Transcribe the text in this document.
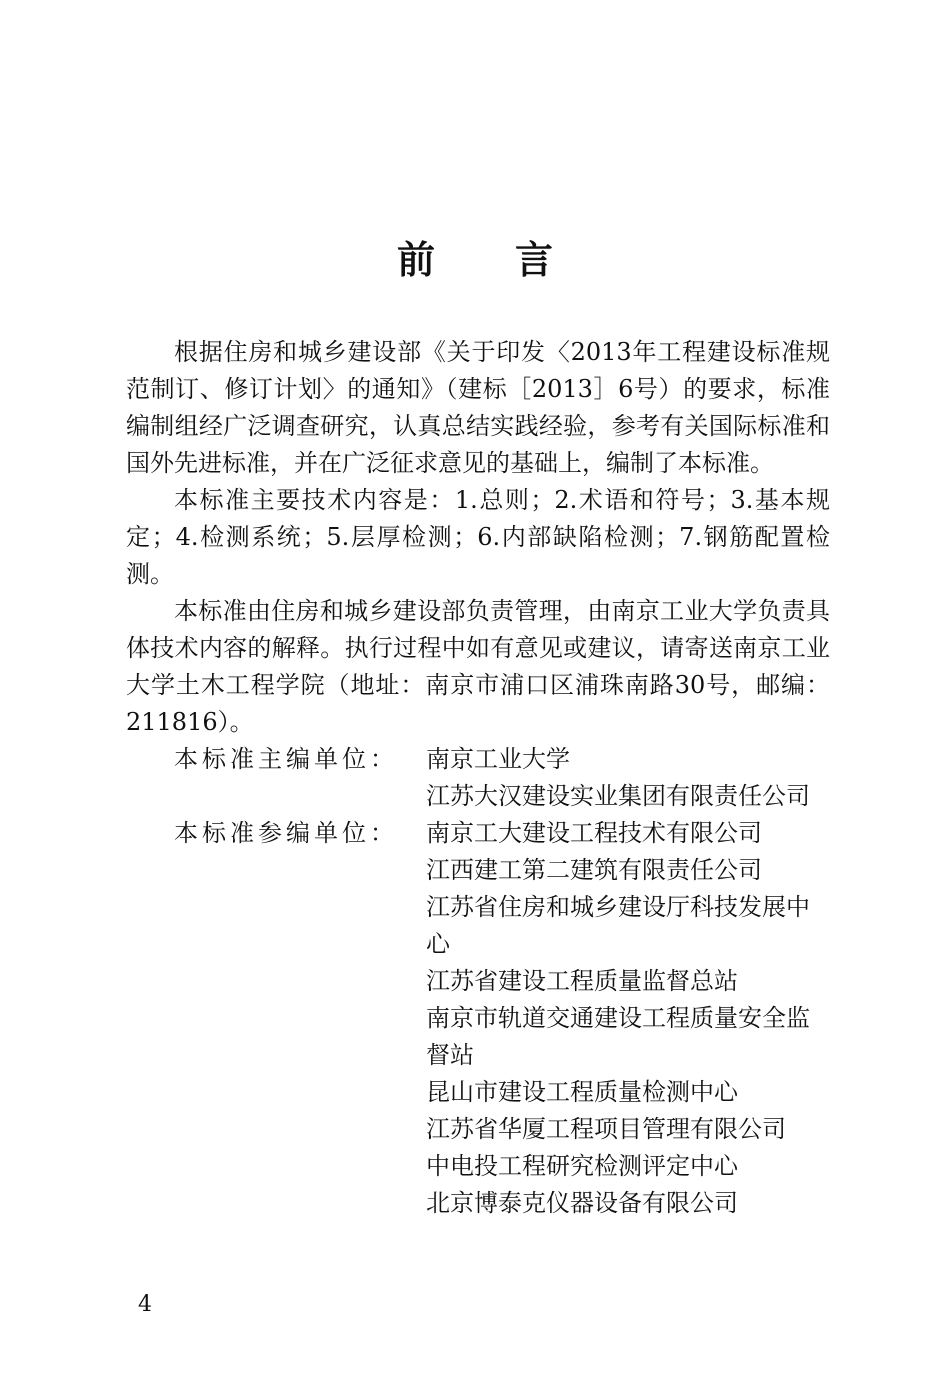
前 言

根据住房和城乡建设部《关于印发〈2013年工程建设标准规范制订、修订计划〉的通知》（建标［2013］6号）的要求，标准编制组经广泛调查研究，认真总结实践经验，参考有关国际标准和国外先进标准，并在广泛征求意见的基础上，编制了本标准。

本标准主要技术内容是：1.总则；2.术语和符号；3.基本规定；4.检测系统；5.层厚检测；6.内部缺陷检测；7.钢筋配置检测。

本标准由住房和城乡建设部负责管理，由南京工业大学负责具体技术内容的解释。执行过程中如有意见或建议，请寄送南京工业大学土木工程学院（地址：南京市浦口区浦珠南路30号，邮编：211816）。

本标准主编单位：	南京工业大学
江苏大汉建设实业集团有限责任公司
本标准参编单位：	南京工大建设工程技术有限公司
江西建工第二建筑有限责任公司
江苏省住房和城乡建设厅科技发展中心
江苏省建设工程质量监督总站
南京市轨道交通建设工程质量安全监督站
昆山市建设工程质量检测中心
江苏省华厦工程项目管理有限公司
中电投工程研究检测评定中心
北京博泰克仪器设备有限公司
4
